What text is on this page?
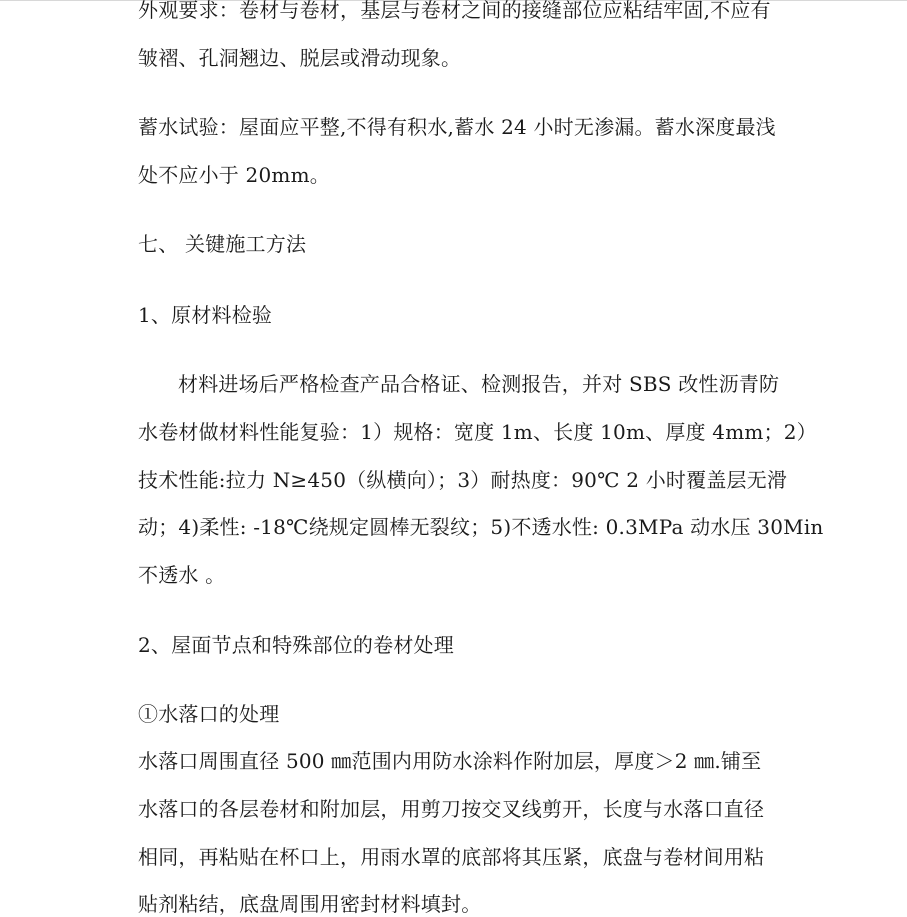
外观要求：卷材与卷材，基层与卷材之间的接缝部位应粘结牢固,不应有
皱褶、孔洞翘边、脱层或滑动现象。
蓄水试验：屋面应平整,不得有积水,蓄水 24 小时无渗漏。蓄水深度最浅
处不应小于 20mm。
七、 关键施工方法
1、原材料检验
材料进场后严格检查产品合格证、检测报告，并对 SBS 改性沥青防
水卷材做材料性能复验：1）规格：宽度 1m、长度 10m、厚度 4mm；2）
技术性能:拉力 N≥450（纵横向）；3）耐热度：90℃ 2 小时覆盖层无滑
动；4)柔性: -18℃绕规定圆棒无裂纹；5)不透水性: 0.3MPa 动水压 30Min
不透水 。
2、屋面节点和特殊部位的卷材处理
①水落口的处理
水落口周围直径 500 ㎜范围内用防水涂料作附加层，厚度＞2 ㎜.铺至
水落口的各层卷材和附加层，用剪刀按交叉线剪开，长度与水落口直径
相同，再粘贴在杯口上，用雨水罩的底部将其压紧，底盘与卷材间用粘
贴剂粘结，底盘周围用密封材料填封。
